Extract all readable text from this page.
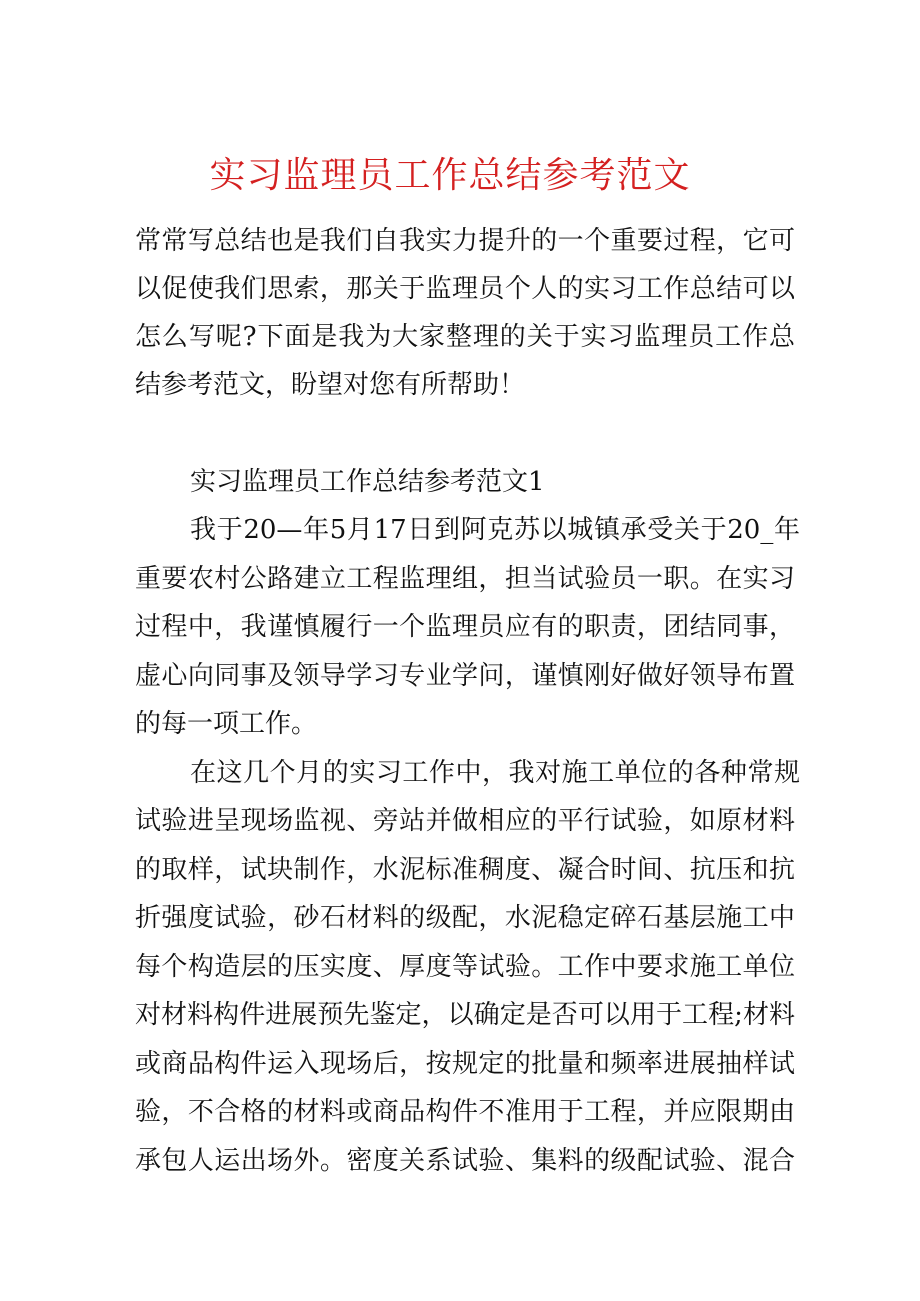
实习监理员工作总结参考范文
常常写总结也是我们自我实力提升的一个重要过程，它可
以促使我们思索，那关于监理员个人的实习工作总结可以
怎么写呢?下面是我为大家整理的关于实习监理员工作总
结参考范文，盼望对您有所帮助！
实习监理员工作总结参考范文1
我于20—年5月17日到阿克苏以城镇承受关于20_年
重要农村公路建立工程监理组，担当试验员一职。在实习
过程中，我谨慎履行一个监理员应有的职责，团结同事，
虚心向同事及领导学习专业学问，谨慎刚好做好领导布置
的每一项工作。
在这几个月的实习工作中，我对施工单位的各种常规
试验进呈现场监视、旁站并做相应的平行试验，如原材料
的取样，试块制作，水泥标准稠度、凝合时间、抗压和抗
折强度试验，砂石材料的级配，水泥稳定碎石基层施工中
每个构造层的压实度、厚度等试验。工作中要求施工单位
对材料构件进展预先鉴定，以确定是否可以用于工程;材料
或商品构件运入现场后，按规定的批量和频率进展抽样试
验，不合格的材料或商品构件不准用于工程，并应限期由
承包人运出场外。密度关系试验、集料的级配试验、混合
